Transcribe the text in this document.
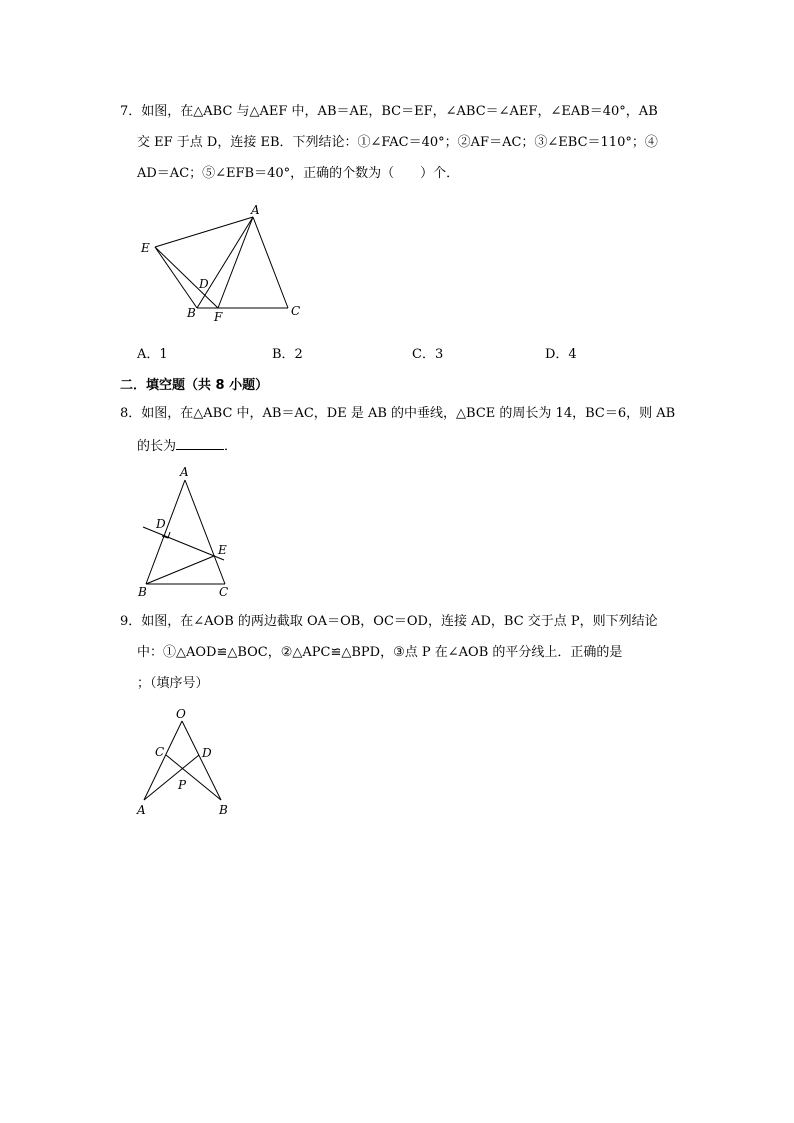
7．如图，在△ABC 与△AEF 中，AB＝AE，BC＝EF，∠ABC＝∠AEF，∠EAB＝40°，AB
交 EF 于点 D，连接 EB．下列结论：①∠FAC＝40°；②AF＝AC；③∠EBC＝110°；④
AD＝AC；⑤∠EFB＝40°，正确的个数为（　　）个．
A
E
D
B F	C
A．1	B．2	C．3	D．4
二．填空题（共 8 小题）
8．如图，在△ABC 中，AB＝AC，DE 是 AB 的中垂线，△BCE 的周长为 14，BC＝6，则 AB
的长为	．
A
D
E
B	C
9．如图，在∠AOB 的两边截取 OA＝OB，OC＝OD，连接 AD，BC 交于点 P，则下列结论
中：①△AOD≌△BOC，②△APC≌△BPD，③点 P 在∠AOB 的平分线上．正确的是
；（填序号）
O
C	D
P
A	B
